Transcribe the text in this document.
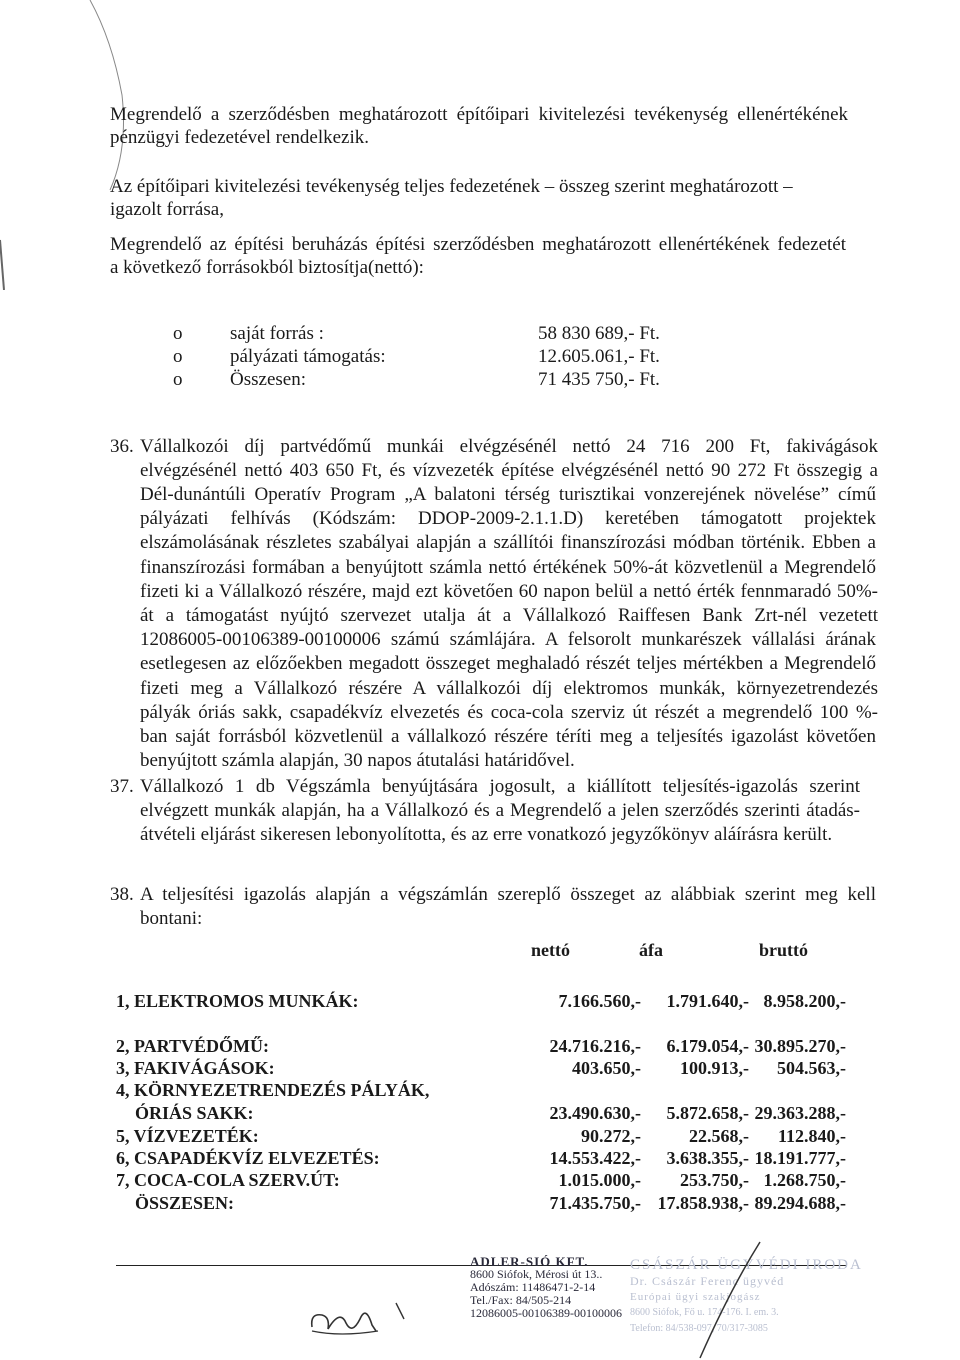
Megrendelő a szerződésben meghatározott építőipari kivitelezési tevékenység ellenértékének

pénzügyi fedezetével rendelkezik.

Az építőipari kivitelezési tevékenység teljes fedezetének – összeg szerint meghatározott –

igazolt forrása,

Megrendelő az építési beruházás építési szerződésben meghatározott ellenértékének fedezetét

a következő forrásokból biztosítja(nettó):

o	saját forrás :	58 830 689,- Ft.
o	pályázati támogatás:	12.605.061,- Ft.
o	Összesen:	71 435 750,- Ft.
36. Vállalkozói díj partvédőmű munkái elvégzésénél nettó 24 716 200 Ft, fakivágások

elvégzésénél nettó 403 650 Ft, és vízvezeték építése elvégzésénél nettó 90 272 Ft összegig a

Dél-dunántúli Operatív Program „A balatoni térség turisztikai vonzerejének növelése” című

pályázati felhívás (Kódszám: DDOP-2009-2.1.1.D) keretében támogatott projektek

elszámolásának részletes szabályai alapján a szállítói finanszírozási módban történik. Ebben a

finanszírozási formában a benyújtott számla nettó értékének 50%-át közvetlenül a Megrendelő

fizeti ki a Vállalkozó részére, majd ezt követően 60 napon belül a nettó érték fennmaradó 50%-

át a támogatást nyújtó szervezet utalja át a Vállalkozó Raiffesen Bank Zrt-nél vezetett

12086005-00106389-00100006 számú számlájára. A felsorolt munkarészek vállalási árának

esetlegesen az előzőekben megadott összeget meghaladó részét teljes mértékben a Megrendelő

fizeti meg a Vállalkozó részére A vállalkozói díj elektromos munkák, környezetrendezés

pályák óriás sakk, csapadékvíz elvezetés és coca-cola szerviz út részét a megrendelő 100 %-

ban saját forrásból közvetlenül a vállalkozó részére téríti meg a teljesítés igazolást követően

benyújtott számla alapján, 30 napos átutalási határidővel.

37. Vállalkozó 1 db Végszámla benyújtására jogosult, a kiállított teljesítés-igazolás szerint

elvégzett munkák alapján, ha a Vállalkozó és a Megrendelő a jelen szerződés szerinti átadás-

átvételi eljárást sikeresen lebonyolította, és az erre vonatkozó jegyzőkönyv aláírásra került.

38. A teljesítési igazolás alapján a végszámlán szereplő összeget az alábbiak szerint meg kell

bontani:

nettó	áfa	bruttó
1, ELEKTROMOS MUNKÁK:	7.166.560,- 1.791.640,- 8.958.200,-
2, PARTVÉDŐMŰ:	24.716.216,- 6.179.054,- 30.895.270,-
3, FAKIVÁGÁSOK:	403.650,- 100.913,- 504.563,-
4, KÖRNYEZETRENDEZÉS PÁLYÁK,
ÓRIÁS SAKK:	23.490.630,- 5.872.658,- 29.363.288,-
5, VÍZVEZETÉK:	90.272,-	22.568,- 112.840,-
6, CSAPADÉKVÍZ ELVEZETÉS:	14.553.422,- 3.638.355,- 18.191.777,-
7, COCA-COLA SZERV.ÚT:	1.015.000,- 253.750,- 1.268.750,-
ÖSSZESEN:	71.435.750,- 17.858.938,- 89.294.688,-
ADLER-SIÓ KFT.
8600 Siófok, Mérosi út 13..
Adószám: 11486471-2-14
Tel./Fax: 84/505-214
12086005-00106389-00100006
CSÁSZÁR ÜGYVÉDI IRODA
Dr. Császár Ferenc ügyvéd
Európai ügyi szakjogász
8600 Siófok, Fő u. 174-176. I. em. 3.
Telefon: 84/538-097, 70/317-3085
